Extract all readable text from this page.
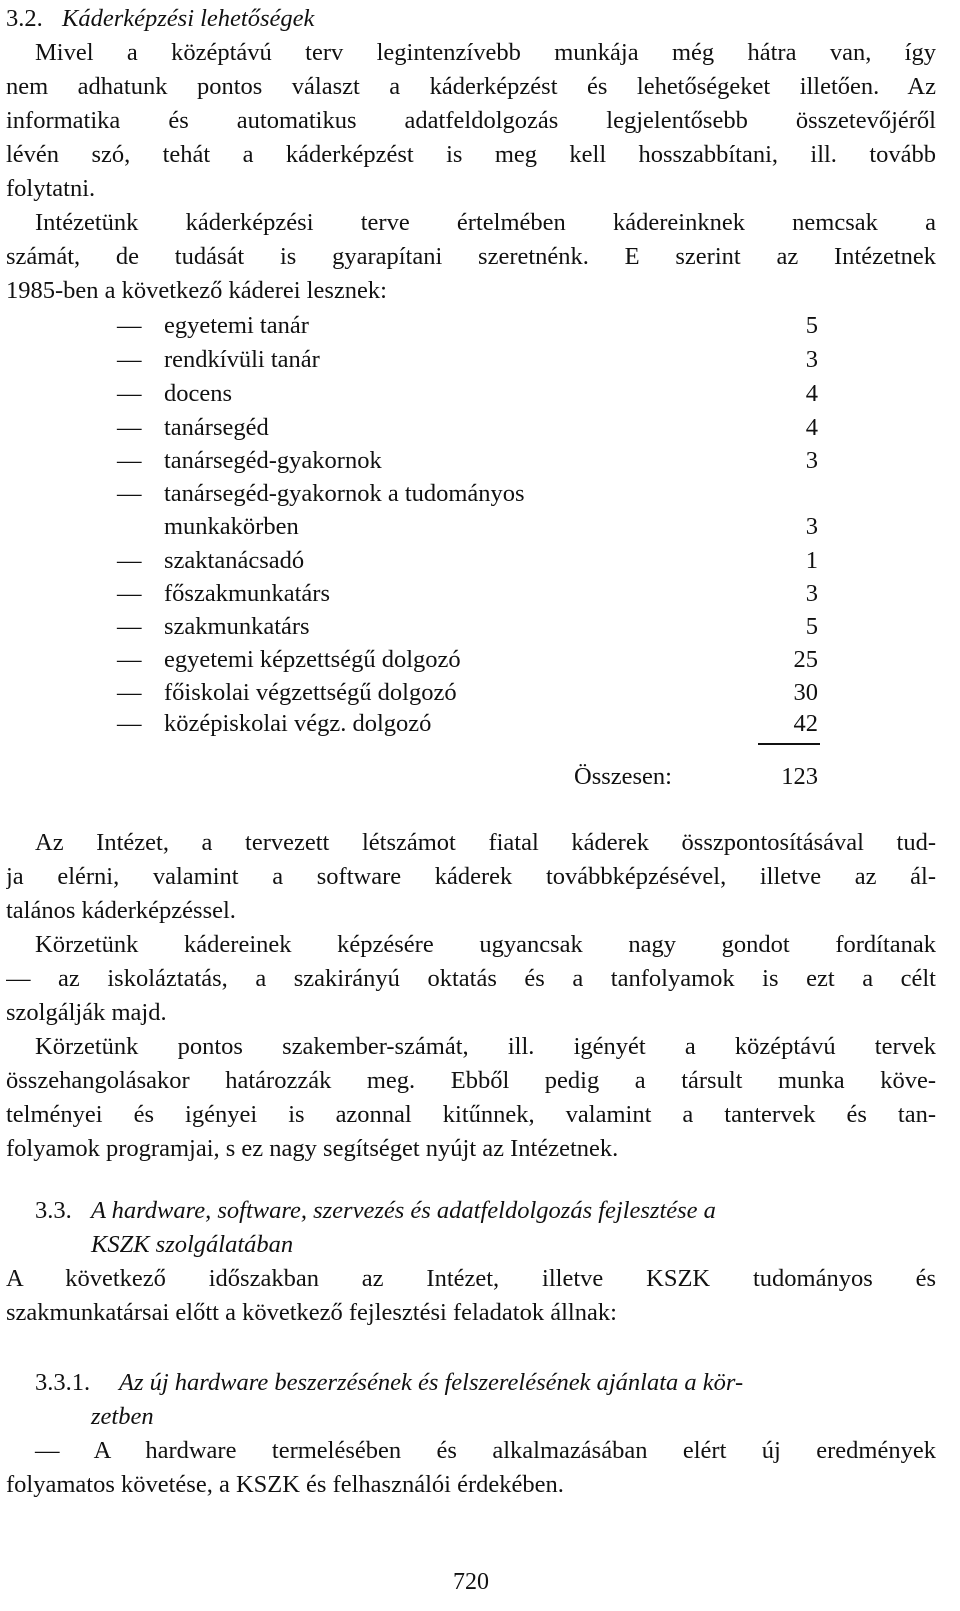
3.2. Káderképzési lehetőségek
Mivel a középtávú terv legintenzívebb munkája még hátra van, így
nem adhatunk pontos választ a káderképzést és lehetőségeket illetően. Az
informatika és automatikus adatfeldolgozás legjelentősebb összetevőjéről
lévén szó, tehát a káderképzést is meg kell hosszabbítani, ill. tovább
folytatni.
Intézetünk káderképzési terve értelmében kádereinknek nemcsak a
számát, de tudását is gyarapítani szeretnénk. E szerint az Intézetnek
1985-ben a következő káderei lesznek:
— egyetemi tanár	5
— rendkívüli tanár	3
— docens	4
— tanársegéd	4
— tanársegéd-gyakornok	3
— tanársegéd-gyakornok a tudományos
munkakörben	3
— szaktanácsadó	1
— főszakmunkatárs	3
— szakmunkatárs	5
— egyetemi képzettségű dolgozó	25
— főiskolai végzettségű dolgozó	30
— középiskolai végz. dolgozó	42
Összesen:	123
Az Intézet, a tervezett létszámot fiatal káderek összpontosításával tud-
ja elérni, valamint a software káderek továbbképzésével, illetve az ál-
talános káderképzéssel.
Körzetünk kádereinek képzésére ugyancsak nagy gondot fordítanak
— az iskoláztatás, a szakirányú oktatás és a tanfolyamok is ezt a célt
szolgálják majd.
Körzetünk pontos szakember-számát, ill. igényét a középtávú tervek
összehangolásakor határozzák meg. Ebből pedig a társult munka köve-
telményei és igényei is azonnal kitűnnek, valamint a tantervek és tan-
folyamok programjai, s ez nagy segítséget nyújt az Intézetnek.
3.3. A hardware, software, szervezés és adatfeldolgozás fejlesztése a
KSZK szolgálatában
A következő időszakban az Intézet, illetve KSZK tudományos és
szakmunkatársai előtt a következő fejlesztési feladatok állnak:
3.3.1. Az új hardware beszerzésének és felszerelésének ajánlata a kör-
zetben
— A hardware termelésében és alkalmazásában elért új eredmények
folyamatos követése, a KSZK és felhasználói érdekében.
720
